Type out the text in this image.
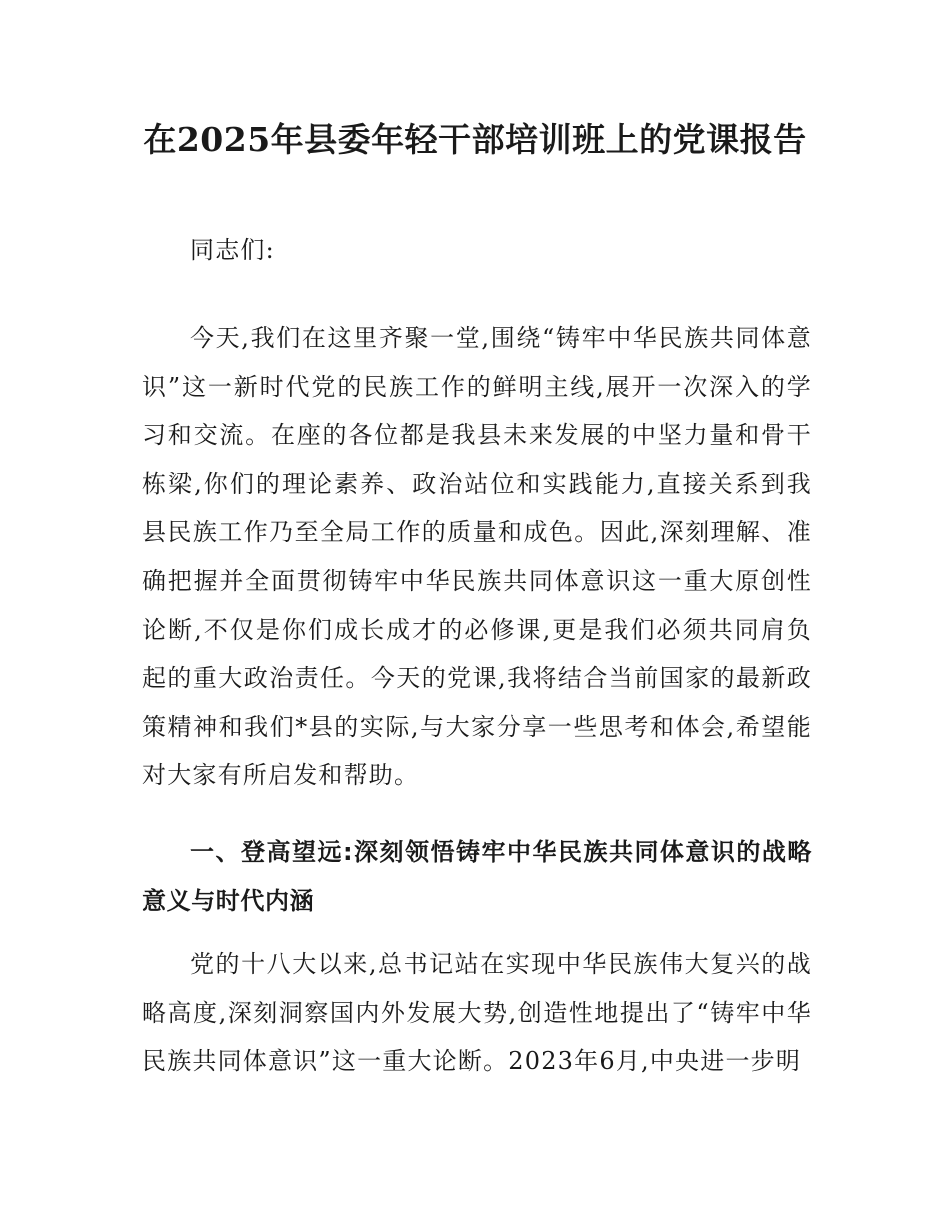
在2025年县委年轻干部培训班上的党课报告

同志们:

今天,我们在这里齐聚一堂,围绕“铸牢中华民族共同体意识”这一新时代党的民族工作的鲜明主线,展开一次深入的学习和交流。在座的各位都是我县未来发展的中坚力量和骨干栋梁,你们的理论素养、政治站位和实践能力,直接关系到我县民族工作乃至全局工作的质量和成色。因此,深刻理解、准确把握并全面贯彻铸牢中华民族共同体意识这一重大原创性论断,不仅是你们成长成才的必修课,更是我们必须共同肩负起的重大政治责任。今天的党课,我将结合当前国家的最新政策精神和我们*县的实际,与大家分享一些思考和体会,希望能对大家有所启发和帮助。

一、登高望远:深刻领悟铸牢中华民族共同体意识的战略意义与时代内涵

党的十八大以来,总书记站在实现中华民族伟大复兴的战略高度,深刻洞察国内外发展大势,创造性地提出了“铸牢中华民族共同体意识”这一重大论断。2023年6月,中央进一步明
